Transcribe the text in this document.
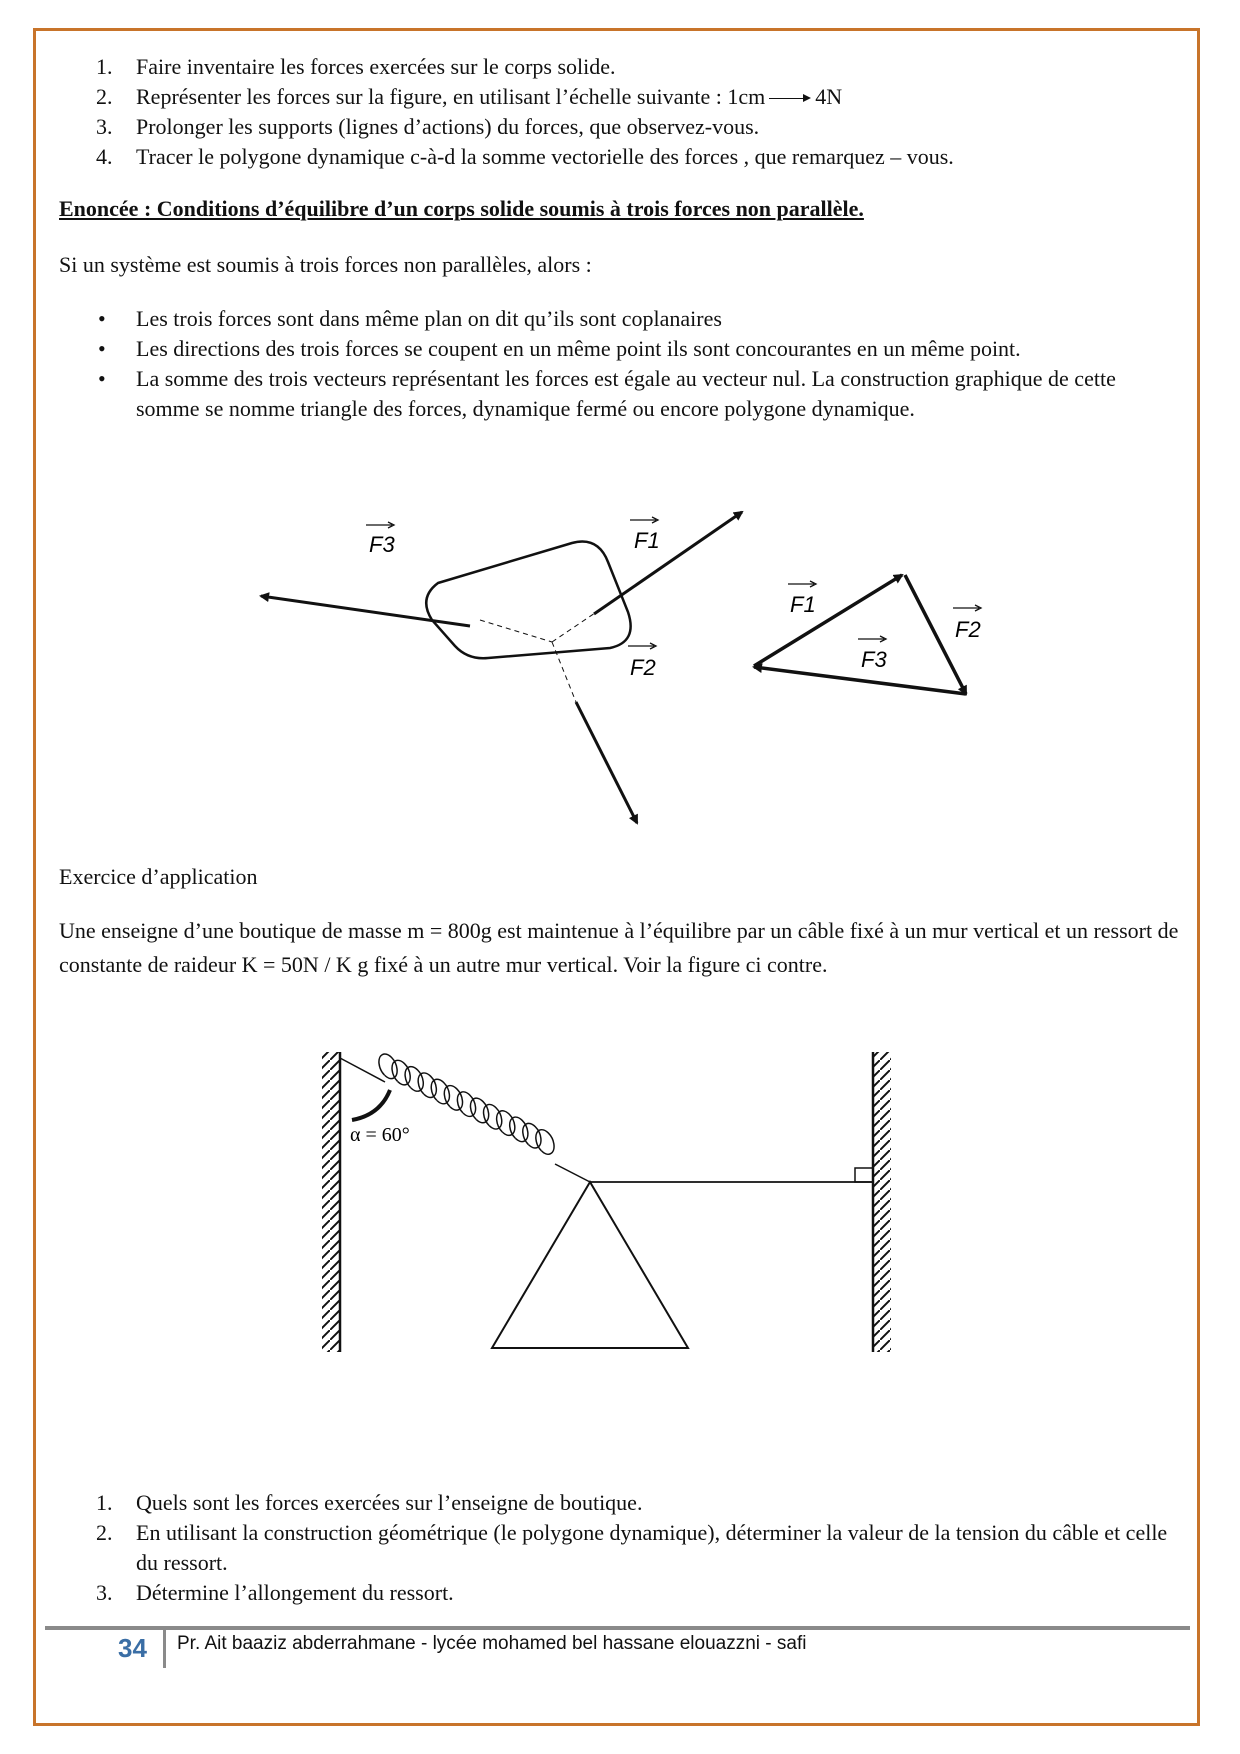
1. Faire inventaire les forces exercées sur le corps solide.
2. Représenter les forces sur la figure, en utilisant l’échelle suivante : 1cm 4N
3. Prolonger les supports (lignes d’actions) du forces, que observez-vous.
4. Tracer le polygone dynamique c-à-d la somme vectorielle des forces , que remarquez – vous.
Enoncée : Conditions d’équilibre d’un corps solide soumis à trois forces non parallèle.
Si un système est soumis à trois forces non parallèles, alors :
• Les trois forces sont dans même plan on dit qu’ils sont coplanaires
• Les directions des trois forces se coupent en un même point ils sont concourantes en un même point.
• La somme des trois vecteurs représentant les forces est égale au vecteur nul. La construction graphique de cette somme se nomme triangle des forces, dynamique fermé ou encore polygone dynamique.
F1
F3
F2
F1
F2
F3
Exercice d’application
Une enseigne d’une boutique de masse m = 800g est maintenue à l’équilibre par un câble fixé à un mur vertical et un ressort de constante de raideur K = 50N / K g fixé à un autre mur vertical. Voir la figure ci contre.
α = 60°
1. Quels sont les forces exercées sur l’enseigne de boutique.
2. En utilisant la construction géométrique (le polygone dynamique), déterminer la valeur de la tension du câble et celle du ressort.
3. Détermine l’allongement du ressort.
34 Pr. Ait baaziz abderrahmane - lycée mohamed bel hassane elouazzni - safi
